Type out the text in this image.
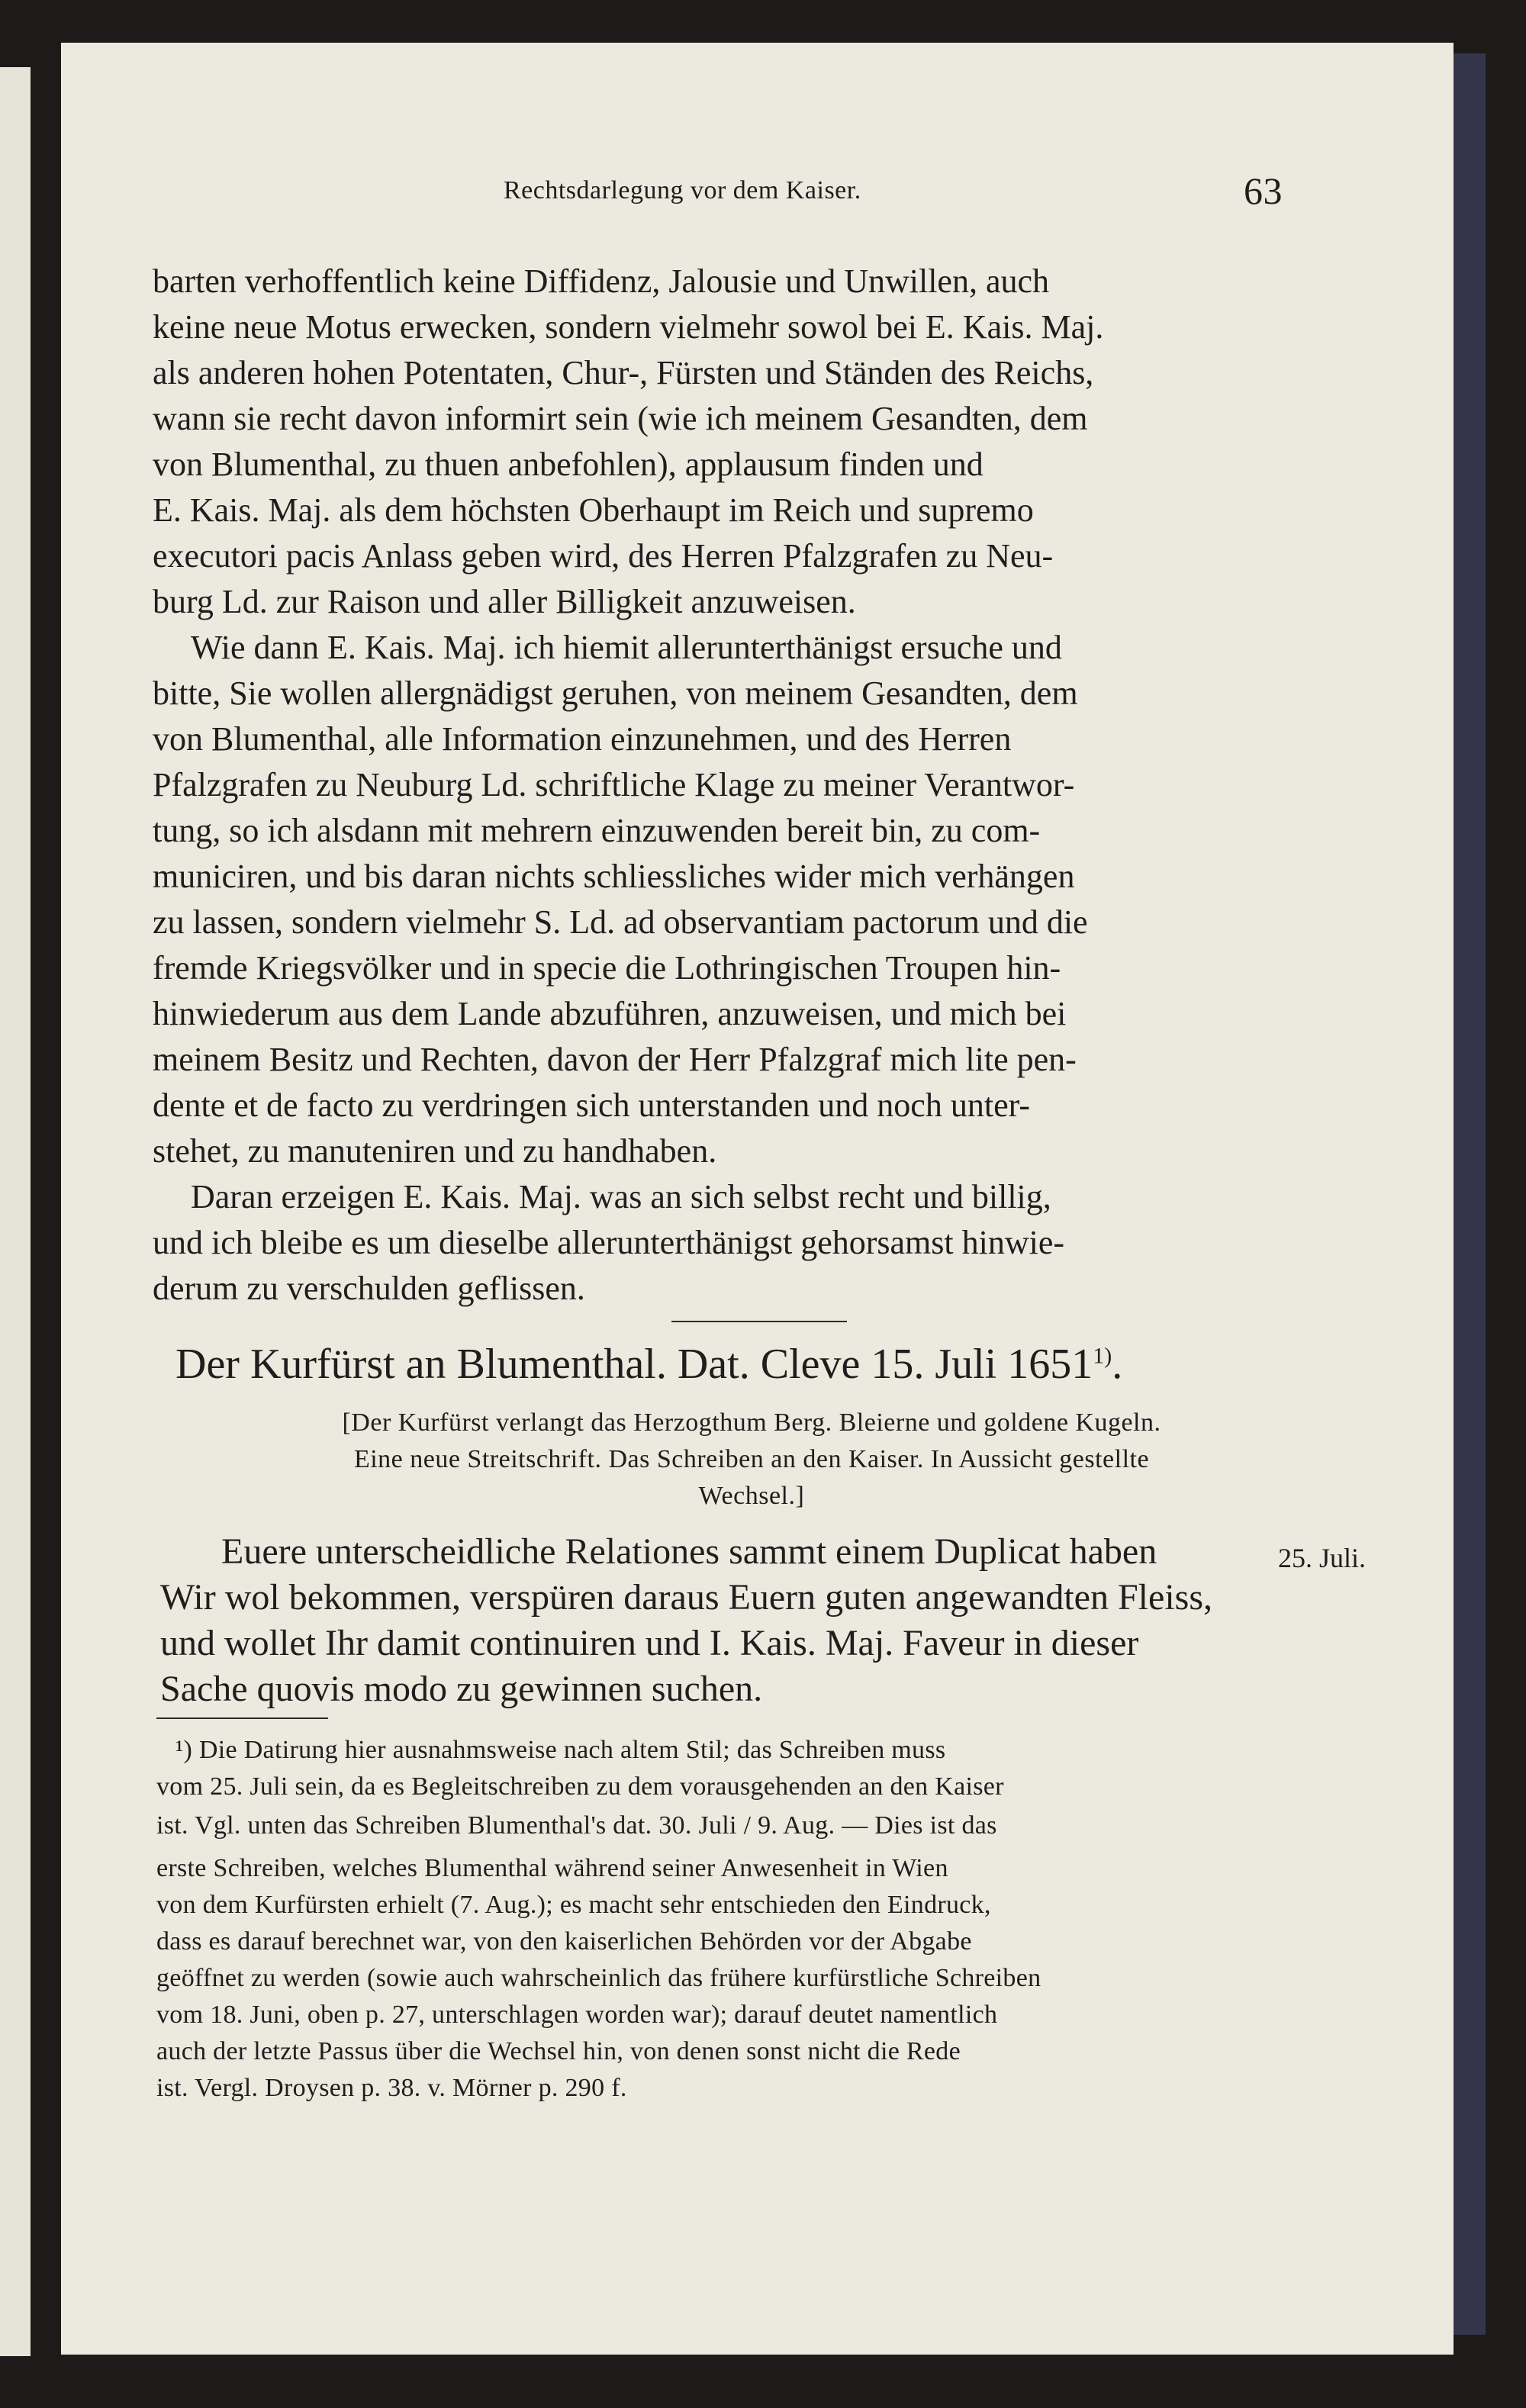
Rechtsdarlegung vor dem Kaiser.	63
barten verhoffentlich keine Diffidenz, Jalousie und Unwillen, auch
keine neue Motus erwecken, sondern vielmehr sowol bei E. Kais. Maj.
als anderen hohen Potentaten, Chur-, Fürsten und Ständen des Reichs,
wann sie recht davon informirt sein (wie ich meinem Gesandten, dem
von Blumenthal, zu thuen anbefohlen), applausum finden und
E. Kais. Maj. als dem höchsten Oberhaupt im Reich und supremo
executori pacis Anlass geben wird, des Herren Pfalzgrafen zu Neu-
burg Ld. zur Raison und aller Billigkeit anzuweisen.
Wie dann E. Kais. Maj. ich hiemit allerunterthänigst ersuche und
bitte, Sie wollen allergnädigst geruhen, von meinem Gesandten, dem
von Blumenthal, alle Information einzunehmen, und des Herren
Pfalzgrafen zu Neuburg Ld. schriftliche Klage zu meiner Verantwor-
tung, so ich alsdann mit mehrern einzuwenden bereit bin, zu com-
municiren, und bis daran nichts schliessliches wider mich verhängen
zu lassen, sondern vielmehr S. Ld. ad observantiam pactorum und die
fremde Kriegsvölker und in specie die Lothringischen Troupen hin-
hinwiederum aus dem Lande abzuführen, anzuweisen, und mich bei
meinem Besitz und Rechten, davon der Herr Pfalzgraf mich lite pen-
dente et de facto zu verdringen sich unterstanden und noch unter-
stehet, zu manuteniren und zu handhaben.
Daran erzeigen E. Kais. Maj. was an sich selbst recht und billig,
und ich bleibe es um dieselbe allerunterthänigst gehorsamst hinwie-
derum zu verschulden geflissen.
Der Kurfürst an Blumenthal. Dat. Cleve 15. Juli 1651$^{1)}$.
[Der Kurfürst verlangt das Herzogthum Berg. Bleierne und goldene Kugeln.
Eine neue Streitschrift. Das Schreiben an den Kaiser. In Aussicht gestellte
Wechsel.]
Euere unterscheidliche Relationes sammt einem Duplicat haben
Wir wol bekommen, verspüren daraus Euern guten angewandten Fleiss,
und wollet Ihr damit continuiren und I. Kais. Maj. Faveur in dieser
Sache quovis modo zu gewinnen suchen.
25. Juli.
¹) Die Datirung hier ausnahmsweise nach altem Stil; das Schreiben muss
vom 25. Juli sein, da es Begleitschreiben zu dem vorausgehenden an den Kaiser
ist. Vgl. unten das Schreiben Blumenthal's dat. 30. Juli / 9. Aug. — Dies ist das
erste Schreiben, welches Blumenthal während seiner Anwesenheit in Wien
von dem Kurfürsten erhielt (7. Aug.); es macht sehr entschieden den Eindruck,
dass es darauf berechnet war, von den kaiserlichen Behörden vor der Abgabe
geöffnet zu werden (sowie auch wahrscheinlich das frühere kurfürstliche Schreiben
vom 18. Juni, oben p. 27, unterschlagen worden war); darauf deutet namentlich
auch der letzte Passus über die Wechsel hin, von denen sonst nicht die Rede
ist. Vergl. Droysen p. 38. v. Mörner p. 290 f.
